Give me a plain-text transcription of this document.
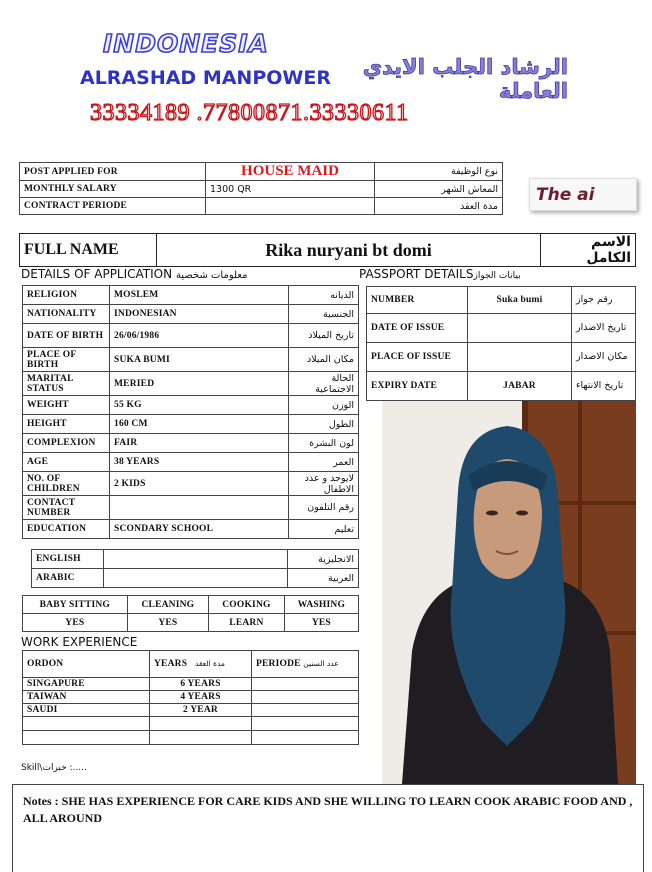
INDONESIA
ALRASHAD MANPOWER	الرشاد الجلب الايدي العاملة
33334189 .77800871.33330611
POST APPLIED FOR	HOUSE MAID	نوع الوظيفة
MONTHLY SALARY	1300 QR	المعاش الشهر
CONTRACT PERIODE		مدة العقد
The ai
FULL NAME	Rika nuryani bt domi	الاسم الكامل
DETAILS OF APPLICATION معلومات شخصية
RELIGION	MOSLEM	الديانه
NATIONALITY	INDONESIAN	الجنسية
DATE OF BIRTH	26/06/1986	تاريخ الميلاد
PLACE OF BIRTH	SUKA BUMI	مكان الميلاد
MARITAL STATUS	MERIED	الحالة الاجتماعية
WEIGHT	55 KG	الوزن
HEIGHT	160 CM	الطول
COMPLEXION	FAIR	لون البشرة
AGE	38 YEARS	العمر
NO. OF CHILDREN	2 KIDS	لايوجد و عدد الاطفال
CONTACT NUMBER		رقم التلفون
EDUCATION	SCONDARY SCHOOL	تعليم
ENGLISH		الانجليزية
ARABIC		العربية
PASSPORT DETAILSبيانات الجواز
NUMBER	Suka bumi	رقم جواز
DATE OF ISSUE		تاريخ الاصدار
PLACE OF ISSUE		مكان الاصدار
EXPIRY DATE	JABAR	تاريخ الانتهاء
BABY SITTING	CLEANING	COOKING	WASHING
YES	YES	LEARN	YES
WORK EXPERIENCE
ORDON	YEARS مدة العقد	PERIODE عدد السنين
SINGAPURE	6 YEARS	
TAIWAN	4 YEARS	
SAUDI	2 YEAR	

Skill\خبرات :.....
Notes : SHE HAS EXPERIENCE FOR CARE KIDS AND SHE WILLING TO LEARN COOK ARABIC FOOD AND , ALL AROUND
